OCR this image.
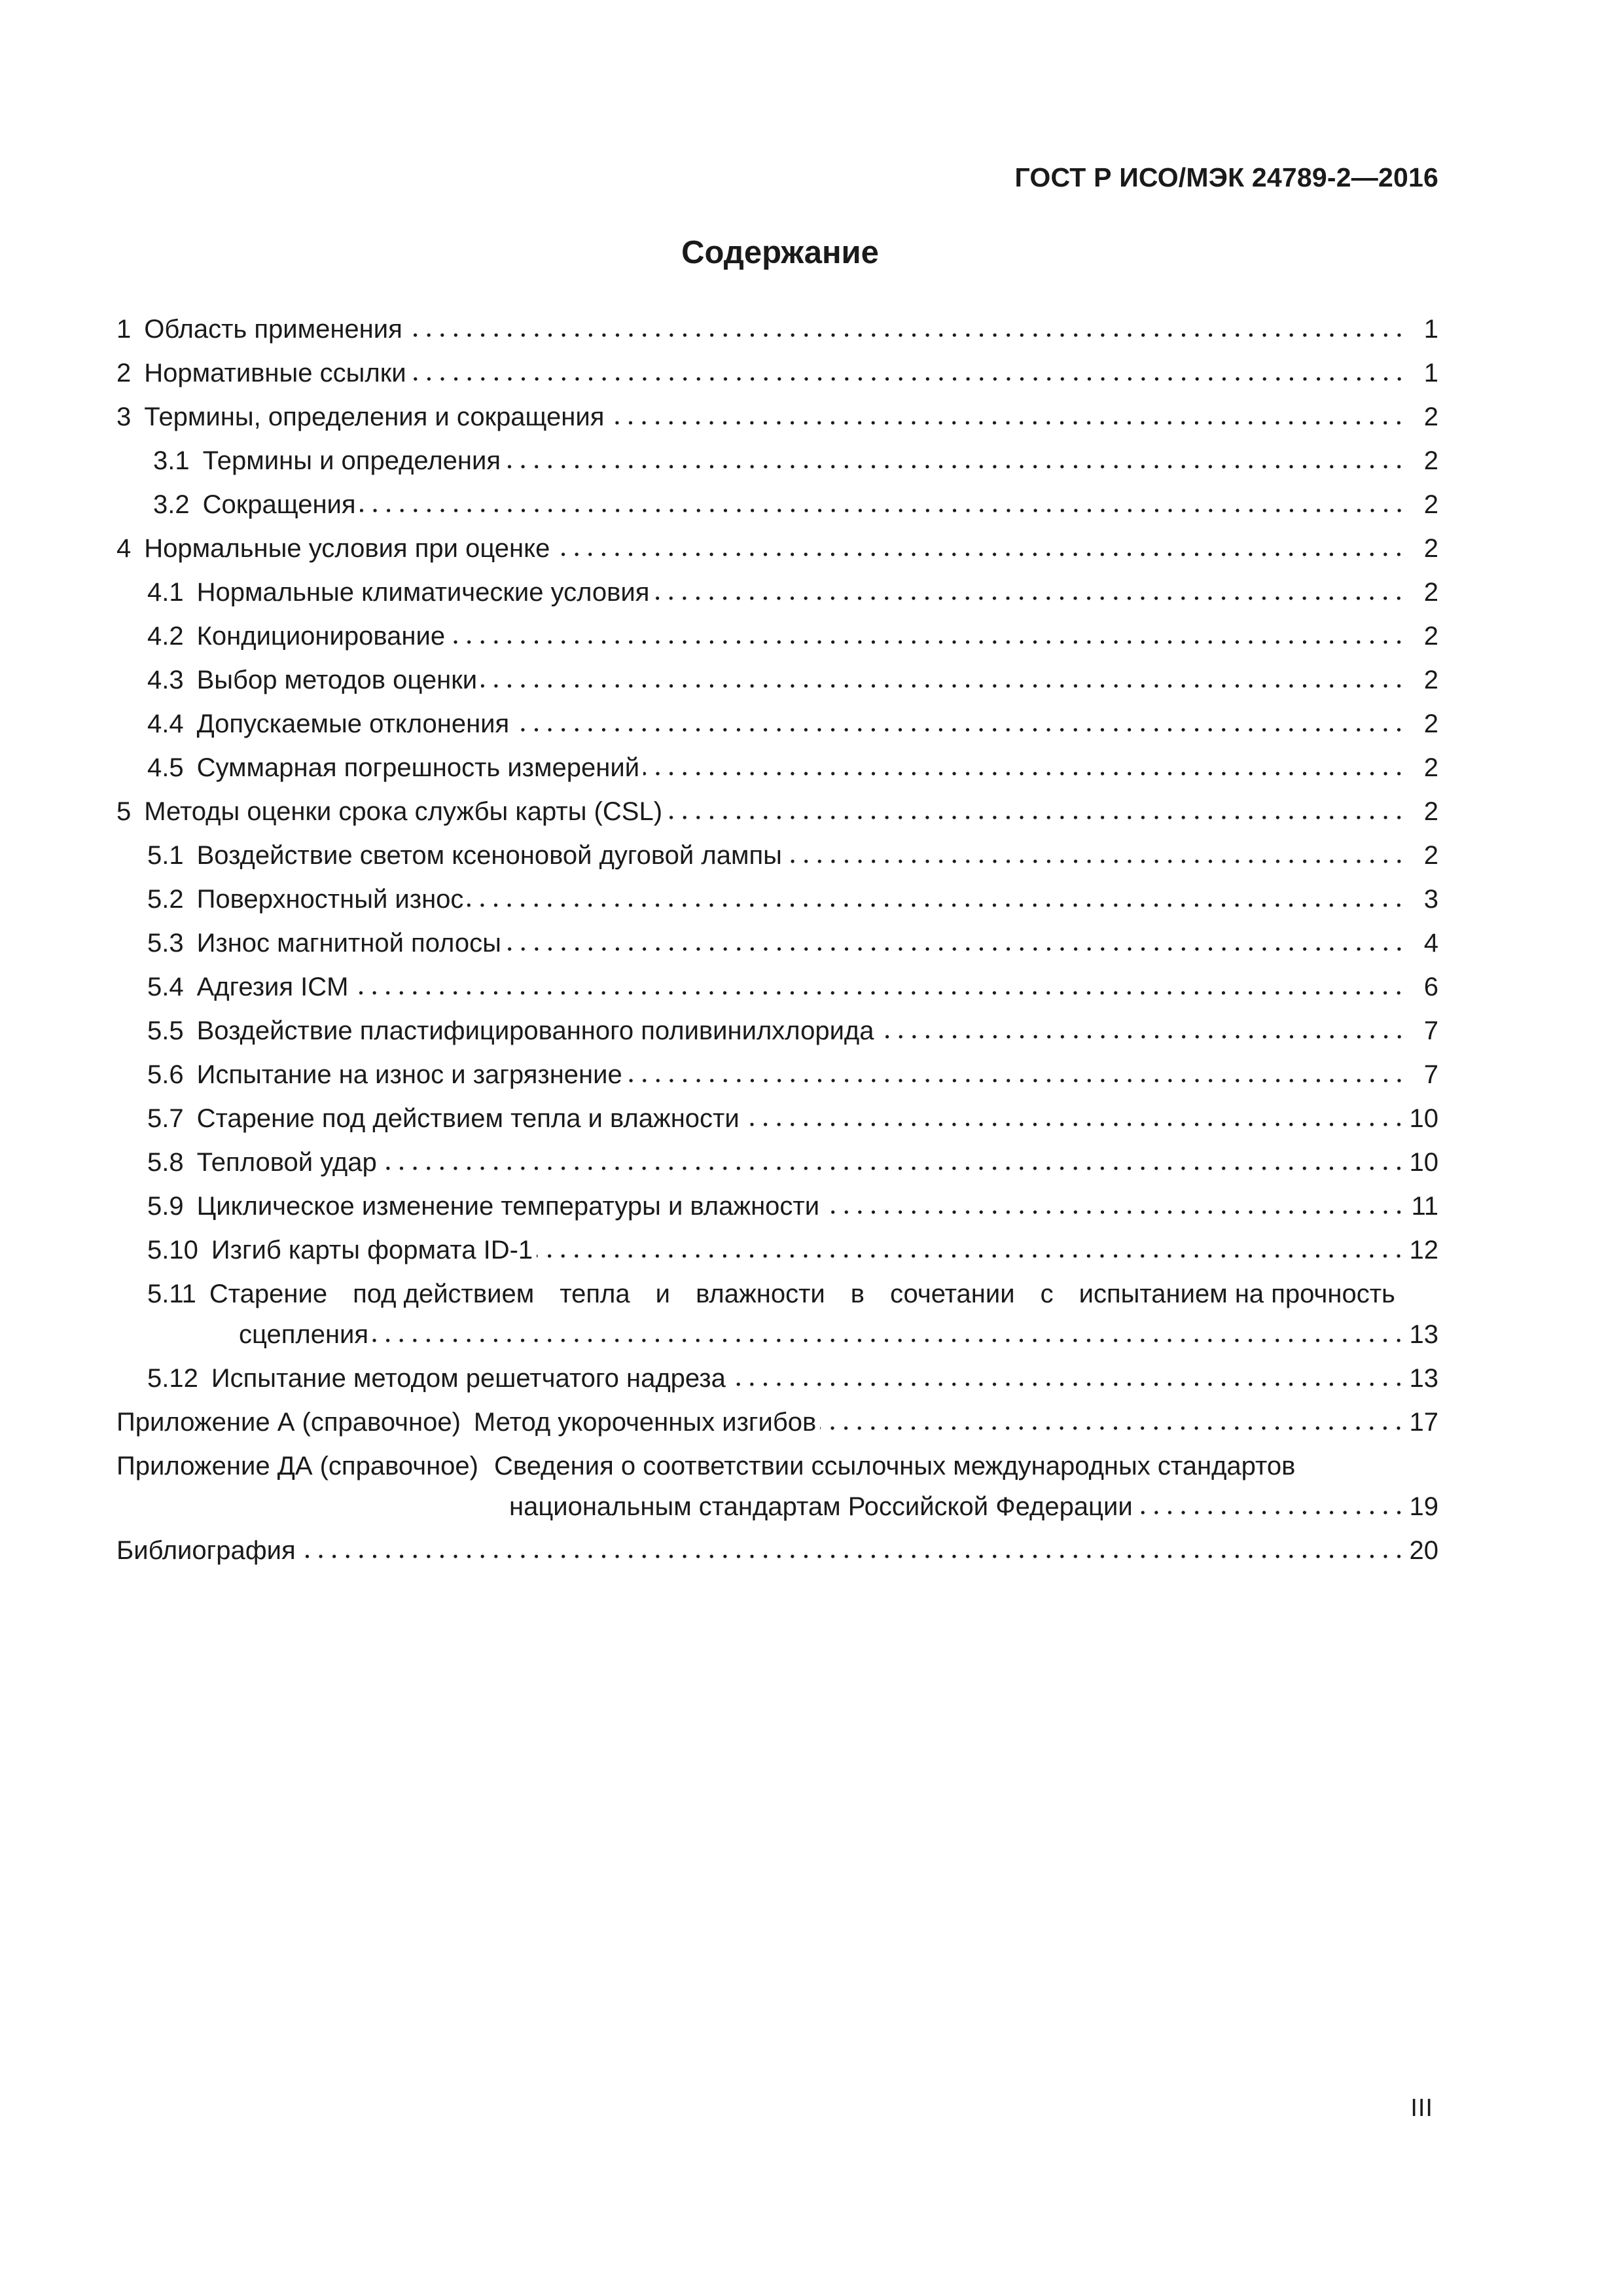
ГОСТ Р ИСО/МЭК 24789-2—2016
Содержание
1 Область применения	1
2 Нормативные ссылки	1
3 Термины, определения и сокращения	2
3.1 Термины и определения	2
3.2 Сокращения	2
4 Нормальные условия при оценке	2
4.1 Нормальные климатические условия	2
4.2 Кондиционирование	2
4.3 Выбор методов оценки	2
4.4 Допускаемые отклонения	2
4.5 Суммарная погрешность измерений	2
5 Методы оценки срока службы карты (CSL)	2
5.1 Воздействие светом ксеноновой дуговой лампы	2
5.2 Поверхностный износ	3
5.3 Износ магнитной полосы	4
5.4 Адгезия ICM	6
5.5 Воздействие пластифицированного поливинилхлорида	7
5.6 Испытание на износ и загрязнение	7
5.7 Старение под действием тепла и влажности	10
5.8 Тепловой удар	10
5.9 Циклическое изменение температуры и влажности	11
5.10 Изгиб карты формата ID-1	12
5.11 Старение под действием тепла и влажности в сочетании с испытанием на прочность
сцепления	13
5.12 Испытание методом решетчатого надреза	13
Приложение А (справочное) Метод укороченных изгибов	17
Приложение ДА (справочное) Сведения о соответствии ссылочных международных стандартов
национальным стандартам Российской Федерации	19
Библиография	20
III
